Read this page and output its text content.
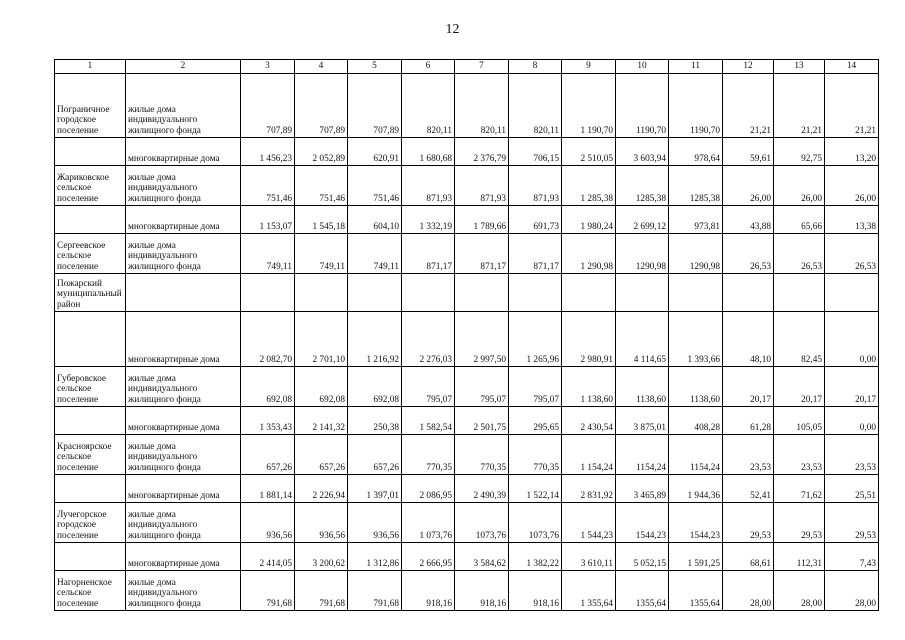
12
1	2	3	4	5	6	7	8	9	10	11	12	13	14
Пограничное городское поселение	жилые дома индивидуального жилищного фонда	707,89	707,89	707,89	820,11	820,11	820,11	1 190,70	1190,70	1190,70	21,21	21,21	21,21
	многоквартирные дома	1 456,23	2 052,89	620,91	1 680,68	2 376,79	706,15	2 510,05	3 603,94	978,64	59,61	92,75	13,20
Жариковское сельское поселение	жилые дома индивидуального жилищного фонда	751,46	751,46	751,46	871,93	871,93	871,93	1 285,38	1285,38	1285,38	26,00	26,00	26,00
	многоквартирные дома	1 153,07	1 545,18	604,10	1 332,19	1 789,66	691,73	1 980,24	2 699,12	973,81	43,88	65,66	13,38
Сергеевское сельское поселение	жилые дома индивидуального жилищного фонда	749,11	749,11	749,11	871,17	871,17	871,17	1 290,98	1290,98	1290,98	26,53	26,53	26,53
Пожарский муниципальный район													
	многоквартирные дома	2 082,70	2 701,10	1 216,92	2 276,03	2 997,50	1 265,96	2 980,91	4 114,65	1 393,66	48,10	82,45	0,00
Губеровское сельское поселение	жилые дома индивидуального жилищного фонда	692,08	692,08	692,08	795,07	795,07	795,07	1 138,60	1138,60	1138,60	20,17	20,17	20,17
	многоквартирные дома	1 353,43	2 141,32	250,38	1 582,54	2 501,75	295,65	2 430,54	3 875,01	408,28	61,28	105,05	0,00
Красноярское сельское поселение	жилые дома индивидуального жилищного фонда	657,26	657,26	657,26	770,35	770,35	770,35	1 154,24	1154,24	1154,24	23,53	23,53	23,53
	многоквартирные дома	1 881,14	2 226,94	1 397,01	2 086,95	2 490,39	1 522,14	2 831,92	3 465,89	1 944,36	52,41	71,62	25,51
Лучегорское городское поселение	жилые дома индивидуального жилищного фонда	936,56	936,56	936,56	1 073,76	1073,76	1073,76	1 544,23	1544,23	1544,23	29,53	29,53	29,53
	многоквартирные дома	2 414,05	3 200,62	1 312,86	2 666,95	3 584,62	1 382,22	3 610,11	5 052,15	1 591,25	68,61	112,31	7,43
Нагорненское сельское поселение	жилые дома индивидуального жилищного фонда	791,68	791,68	791,68	918,16	918,16	918,16	1 355,64	1355,64	1355,64	28,00	28,00	28,00
